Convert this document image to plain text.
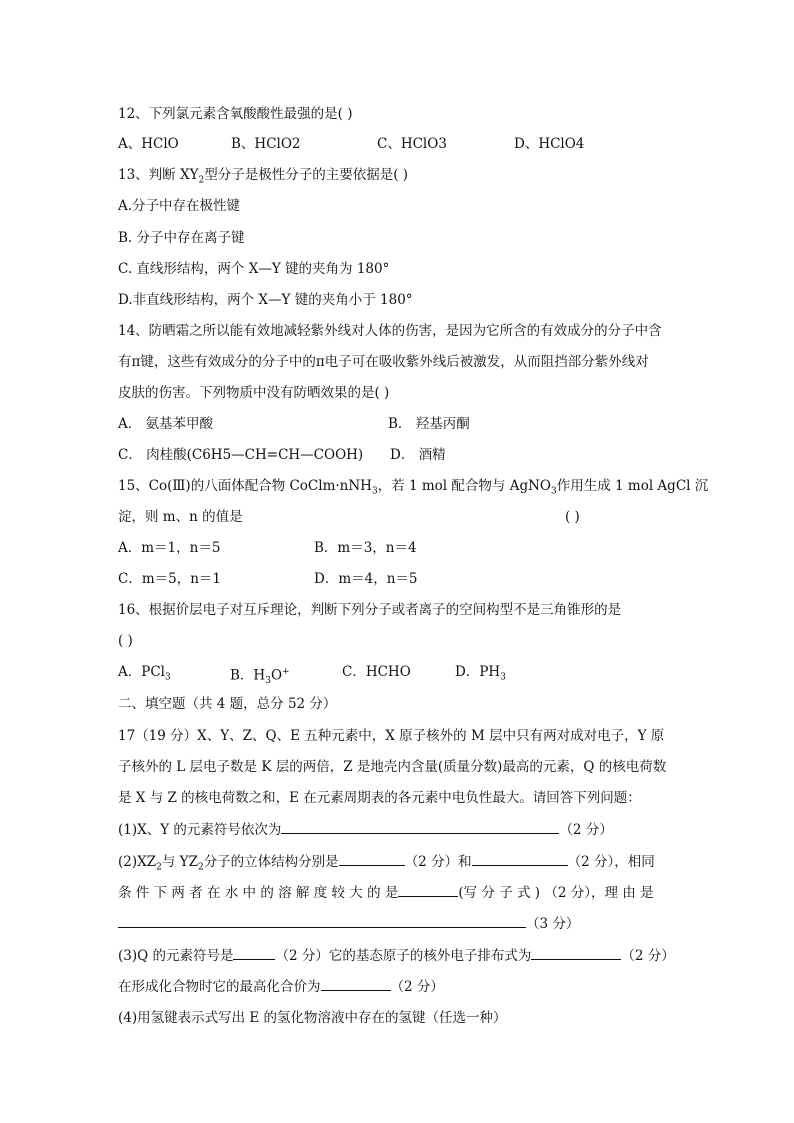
12、下列氯元素含氧酸酸性最强的是( )
A、HClO	B、HClO2	C、HClO3	D、HClO4
13、判断 $XY_2$型分子是极性分子的主要依据是( )
A.分子中存在极性键
B. 分子中存在离子键
C. 直线形结构，两个 X—Y 键的夹角为 180°
D.非直线形结构，两个 X—Y 键的夹角小于 180°
14、防晒霜之所以能有效地减轻紫外线对人体的伤害，是因为它所含的有效成分的分子中含
有π键，这些有效成分的分子中的π电子可在吸收紫外线后被激发，从而阻挡部分紫外线对
皮肤的伤害。下列物质中没有防晒效果的是( )
A． 氨基苯甲酸	B． 羟基丙酮
C． 肉桂酸(C6H5—CH=CH—COOH) D． 酒精
15、Co(Ⅲ)的八面体配合物 CoClm·nNH$_3$，若 1 mol 配合物与 AgNO$_3$作用生成 1 mol AgCl 沉
淀，则 m、n 的值是	( )
A．m＝1，n＝5	B．m＝3，n＝4
C．m＝5，n＝1	D．m＝4，n＝5
16、根据价层电子对互斥理论，判断下列分子或者离子的空间构型不是三角锥形的是
( )
A．PCl$_3$	B．$H_3O^+$	C．HCHO	D．$PH_3$
二、填空题（共 4 题，总分 52 分）
17（19 分）X、Y、Z、Q、E 五种元素中，X 原子核外的 M 层中只有两对成对电子，Y 原
子核外的 L 层电子数是 K 层的两倍，Z 是地壳内含量(质量分数)最高的元素，Q 的核电荷数
是 X 与 Z 的核电荷数之和，E 在元素周期表的各元素中电负性最大。请回答下列问题：
(1)X、Y 的元素符号依次为	（2 分）
$(2)XZ_2$与 $YZ_2$分子的立体结构分别是	（2 分）和	（2 分），相同
条 件 下 两 者 在 水 中 的 溶 解 度 较 大 的 是	(写 分 子 式 ) （2 分），理 由 是
（3 分）
(3)Q 的元素符号是	（2 分）它的基态原子的核外电子排布式为	（2 分）
在形成化合物时它的最高化合价为	（2 分）
(4)用氢键表示式写出 E 的氢化物溶液中存在的氢键（任选一种）
